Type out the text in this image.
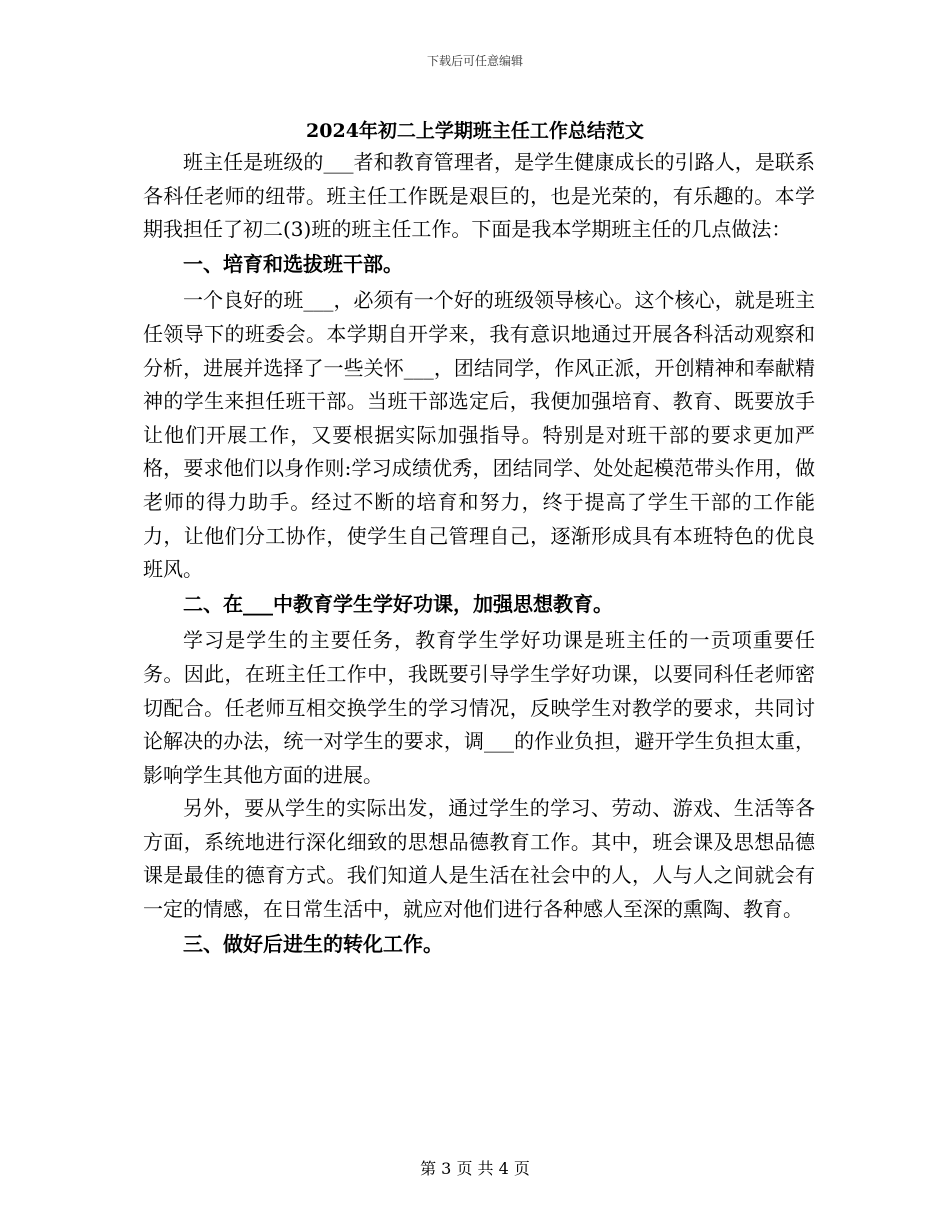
下载后可任意编辑
2024年初二上学期班主任工作总结范文

班主任是班级的___者和教育管理者，是学生健康成长的引路人，是联系各科任老师的纽带。班主任工作既是艰巨的，也是光荣的，有乐趣的。本学期我担任了初二(3)班的班主任工作。下面是我本学期班主任的几点做法：

一、培育和选拔班干部。

一个良好的班___，必须有一个好的班级领导核心。这个核心，就是班主任领导下的班委会。本学期自开学来，我有意识地通过开展各科活动观察和分析，进展并选择了一些关怀___，团结同学，作风正派，开创精神和奉献精神的学生来担任班干部。当班干部选定后，我便加强培育、教育、既要放手让他们开展工作，又要根据实际加强指导。特别是对班干部的要求更加严格，要求他们以身作则:学习成绩优秀，团结同学、处处起模范带头作用，做老师的得力助手。经过不断的培育和努力，终于提高了学生干部的工作能力，让他们分工协作，使学生自己管理自己，逐渐形成具有本班特色的优良班风。

二、在___中教育学生学好功课，加强思想教育。

学习是学生的主要任务，教育学生学好功课是班主任的一贡项重要任务。因此，在班主任工作中，我既要引导学生学好功课，以要同科任老师密切配合。任老师互相交换学生的学习情况，反映学生对教学的要求，共同讨论解决的办法，统一对学生的要求，调___的作业负担，避开学生负担太重，影响学生其他方面的进展。

另外，要从学生的实际出发，通过学生的学习、劳动、游戏、生活等各方面，系统地进行深化细致的思想品德教育工作。其中，班会课及思想品德课是最佳的德育方式。我们知道人是生活在社会中的人，人与人之间就会有一定的情感，在日常生活中，就应对他们进行各种感人至深的熏陶、教育。

三、做好后进生的转化工作。

第 3 页 共 4 页
